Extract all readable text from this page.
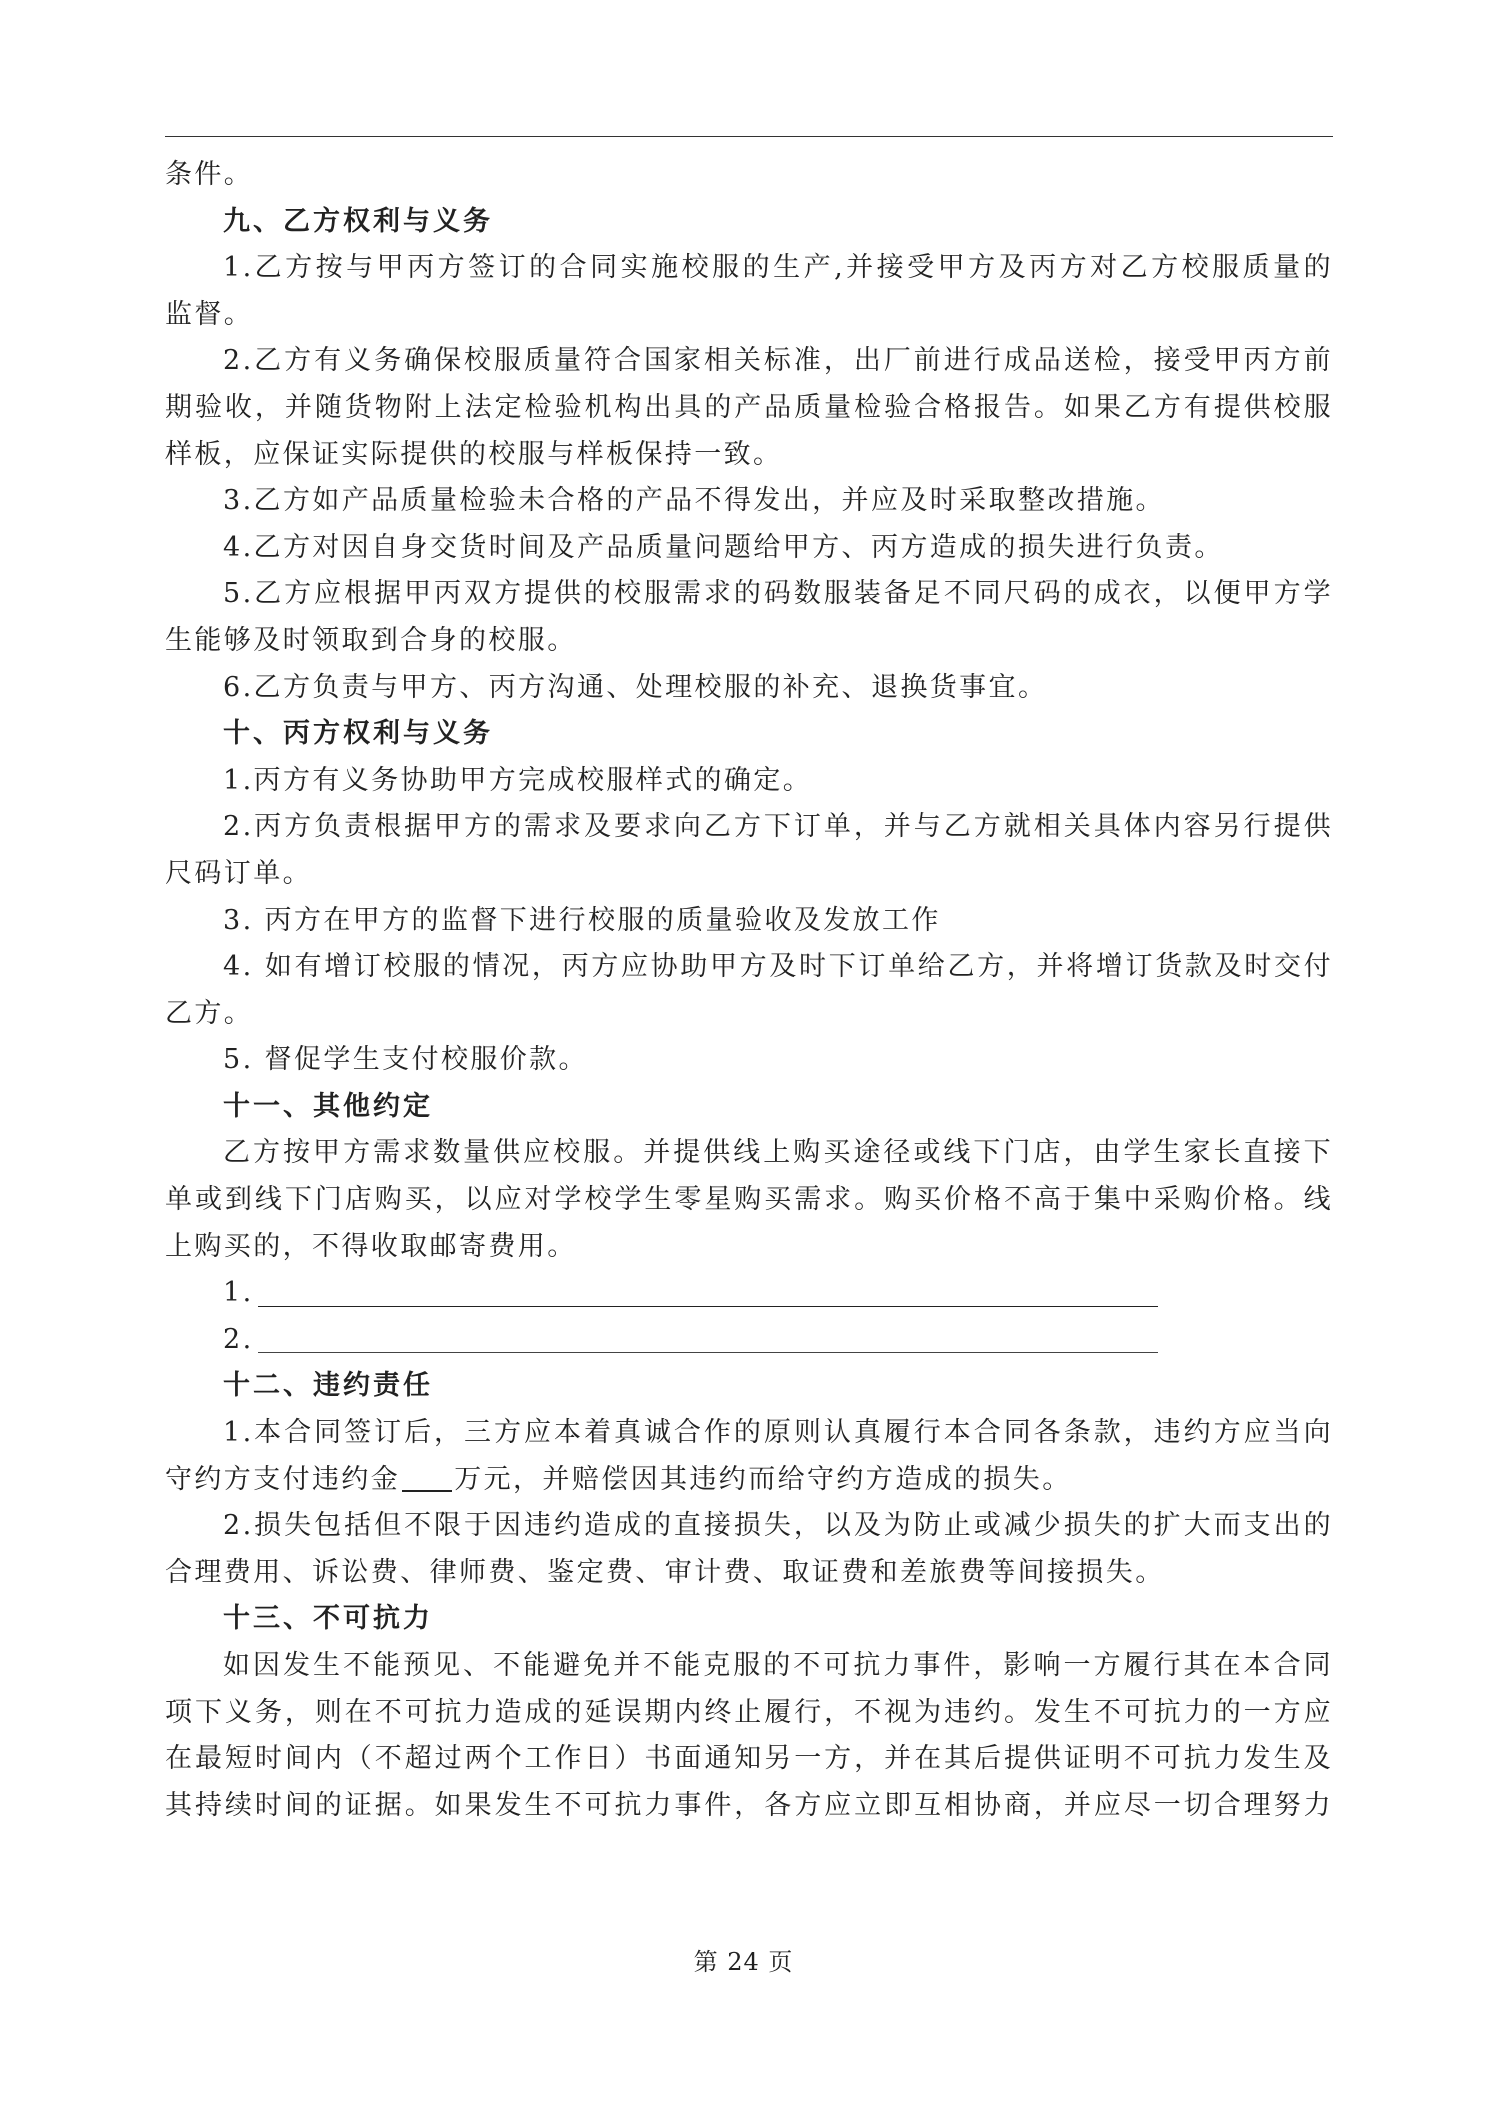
条件。
九、乙方权利与义务
1.乙方按与甲丙方签订的合同实施校服的生产,并接受甲方及丙方对乙方校服质量的
监督。
2.乙方有义务确保校服质量符合国家相关标准，出厂前进行成品送检，接受甲丙方前
期验收，并随货物附上法定检验机构出具的产品质量检验合格报告。如果乙方有提供校服
样板，应保证实际提供的校服与样板保持一致。
3.乙方如产品质量检验未合格的产品不得发出，并应及时采取整改措施。
4.乙方对因自身交货时间及产品质量问题给甲方、丙方造成的损失进行负责。
5.乙方应根据甲丙双方提供的校服需求的码数服装备足不同尺码的成衣，以便甲方学
生能够及时领取到合身的校服。
6.乙方负责与甲方、丙方沟通、处理校服的补充、退换货事宜。
十、丙方权利与义务
1.丙方有义务协助甲方完成校服样式的确定。
2.丙方负责根据甲方的需求及要求向乙方下订单，并与乙方就相关具体内容另行提供
尺码订单。
3. 丙方在甲方的监督下进行校服的质量验收及发放工作
4. 如有增订校服的情况，丙方应协助甲方及时下订单给乙方，并将增订货款及时交付
乙方。
5. 督促学生支付校服价款。
十一、其他约定
乙方按甲方需求数量供应校服。并提供线上购买途径或线下门店，由学生家长直接下
单或到线下门店购买，以应对学校学生零星购买需求。购买价格不高于集中采购价格。线
上购买的，不得收取邮寄费用。
1.
2.
十二、违约责任
1.本合同签订后，三方应本着真诚合作的原则认真履行本合同各条款，违约方应当向
守约方支付违约金 万元，并赔偿因其违约而给守约方造成的损失。
2.损失包括但不限于因违约造成的直接损失，以及为防止或减少损失的扩大而支出的
合理费用、诉讼费、律师费、鉴定费、审计费、取证费和差旅费等间接损失。
十三、不可抗力
如因发生不能预见、不能避免并不能克服的不可抗力事件，影响一方履行其在本合同
项下义务，则在不可抗力造成的延误期内终止履行，不视为违约。发生不可抗力的一方应
在最短时间内（不超过两个工作日）书面通知另一方，并在其后提供证明不可抗力发生及
其持续时间的证据。如果发生不可抗力事件，各方应立即互相协商，并应尽一切合理努力
第 24 页
